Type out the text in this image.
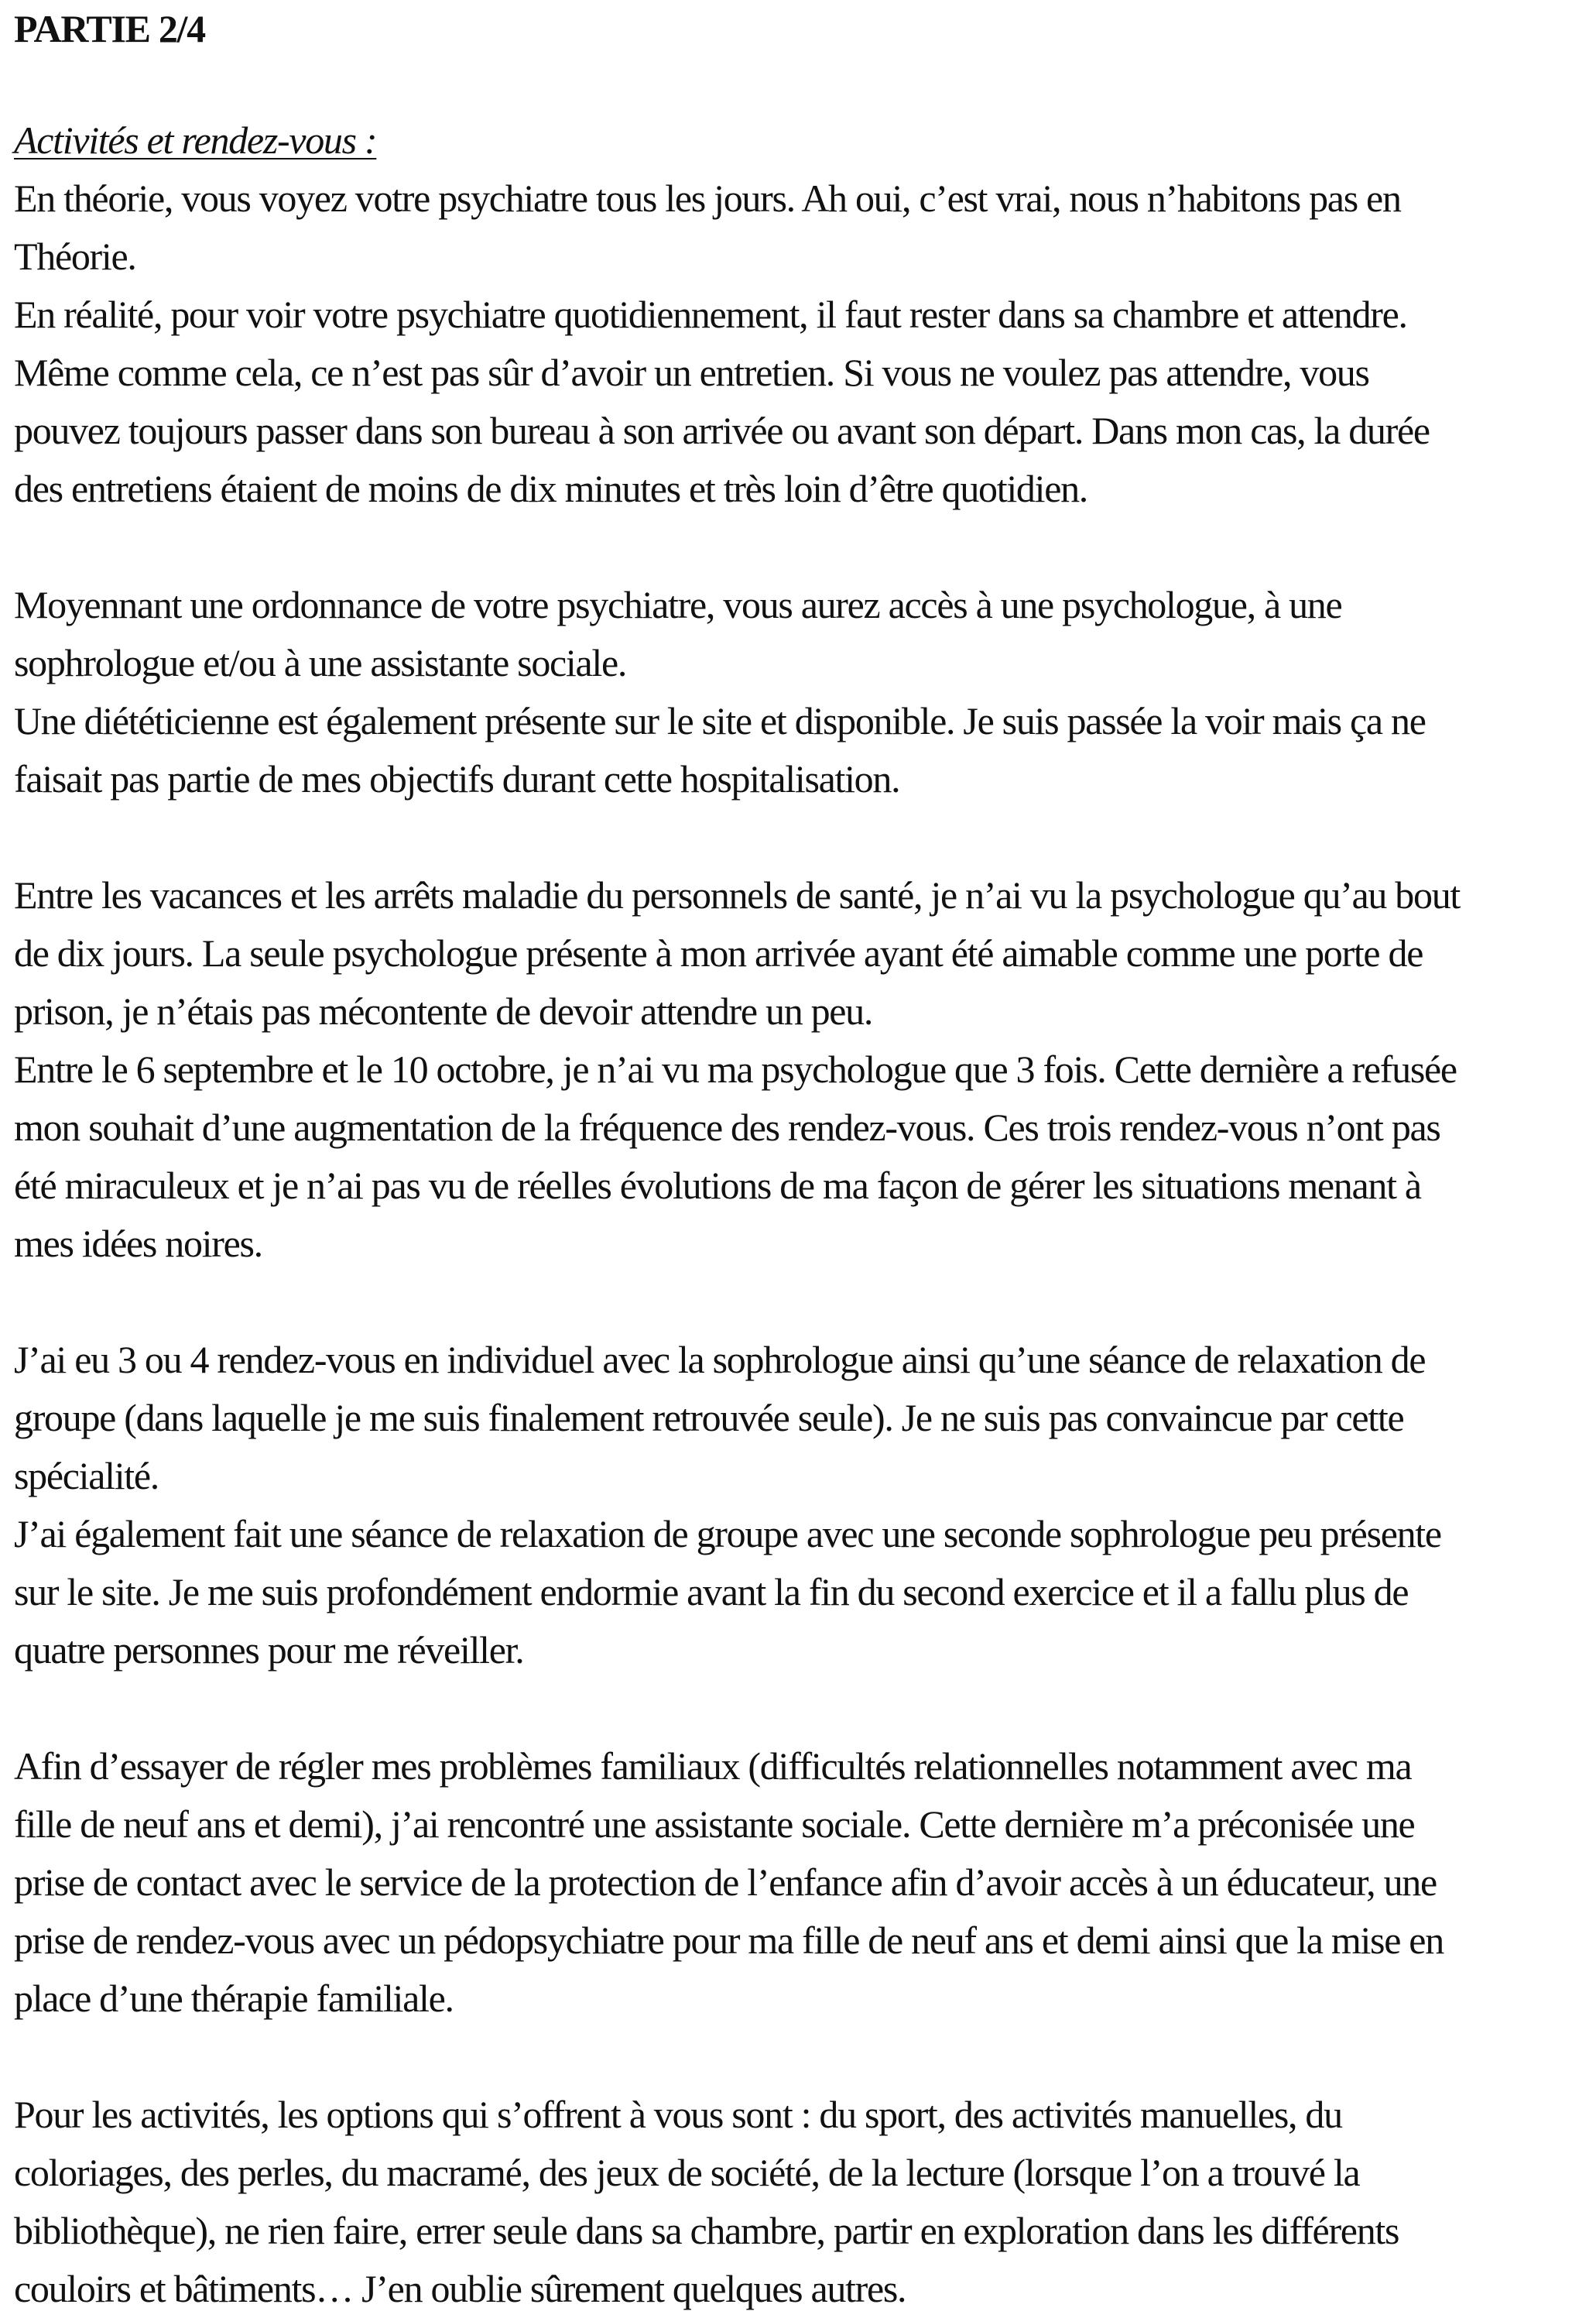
PARTIE 2/4
Activités et rendez-vous :
En théorie, vous voyez votre psychiatre tous les jours. Ah oui, c’est vrai, nous n’habitons pas en
Théorie.
En réalité, pour voir votre psychiatre quotidiennement, il faut rester dans sa chambre et attendre.
Même comme cela, ce n’est pas sûr d’avoir un entretien. Si vous ne voulez pas attendre, vous
pouvez toujours passer dans son bureau à son arrivée ou avant son départ. Dans mon cas, la durée
des entretiens étaient de moins de dix minutes et très loin d’être quotidien.
Moyennant une ordonnance de votre psychiatre, vous aurez accès à une psychologue, à une
sophrologue et/ou à une assistante sociale.
Une diététicienne est également présente sur le site et disponible. Je suis passée la voir mais ça ne
faisait pas partie de mes objectifs durant cette hospitalisation.
Entre les vacances et les arrêts maladie du personnels de santé, je n’ai vu la psychologue qu’au bout
de dix jours. La seule psychologue présente à mon arrivée ayant été aimable comme une porte de
prison, je n’étais pas mécontente de devoir attendre un peu.
Entre le 6 septembre et le 10 octobre, je n’ai vu ma psychologue que 3 fois. Cette dernière a refusée
mon souhait d’une augmentation de la fréquence des rendez-vous. Ces trois rendez-vous n’ont pas
été miraculeux et je n’ai pas vu de réelles évolutions de ma façon de gérer les situations menant à
mes idées noires.
J’ai eu 3 ou 4 rendez-vous en individuel avec la sophrologue ainsi qu’une séance de relaxation de
groupe (dans laquelle je me suis finalement retrouvée seule). Je ne suis pas convaincue par cette
spécialité.
J’ai également fait une séance de relaxation de groupe avec une seconde sophrologue peu présente
sur le site. Je me suis profondément endormie avant la fin du second exercice et il a fallu plus de
quatre personnes pour me réveiller.
Afin d’essayer de régler mes problèmes familiaux (difficultés relationnelles notamment avec ma
fille de neuf ans et demi), j’ai rencontré une assistante sociale. Cette dernière m’a préconisée une
prise de contact avec le service de la protection de l’enfance afin d’avoir accès à un éducateur, une
prise de rendez-vous avec un pédopsychiatre pour ma fille de neuf ans et demi ainsi que la mise en
place d’une thérapie familiale.
Pour les activités, les options qui s’offrent à vous sont : du sport, des activités manuelles, du
coloriages, des perles, du macramé, des jeux de société, de la lecture (lorsque l’on a trouvé la
bibliothèque), ne rien faire, errer seule dans sa chambre, partir en exploration dans les différents
couloirs et bâtiments… J’en oublie sûrement quelques autres.
